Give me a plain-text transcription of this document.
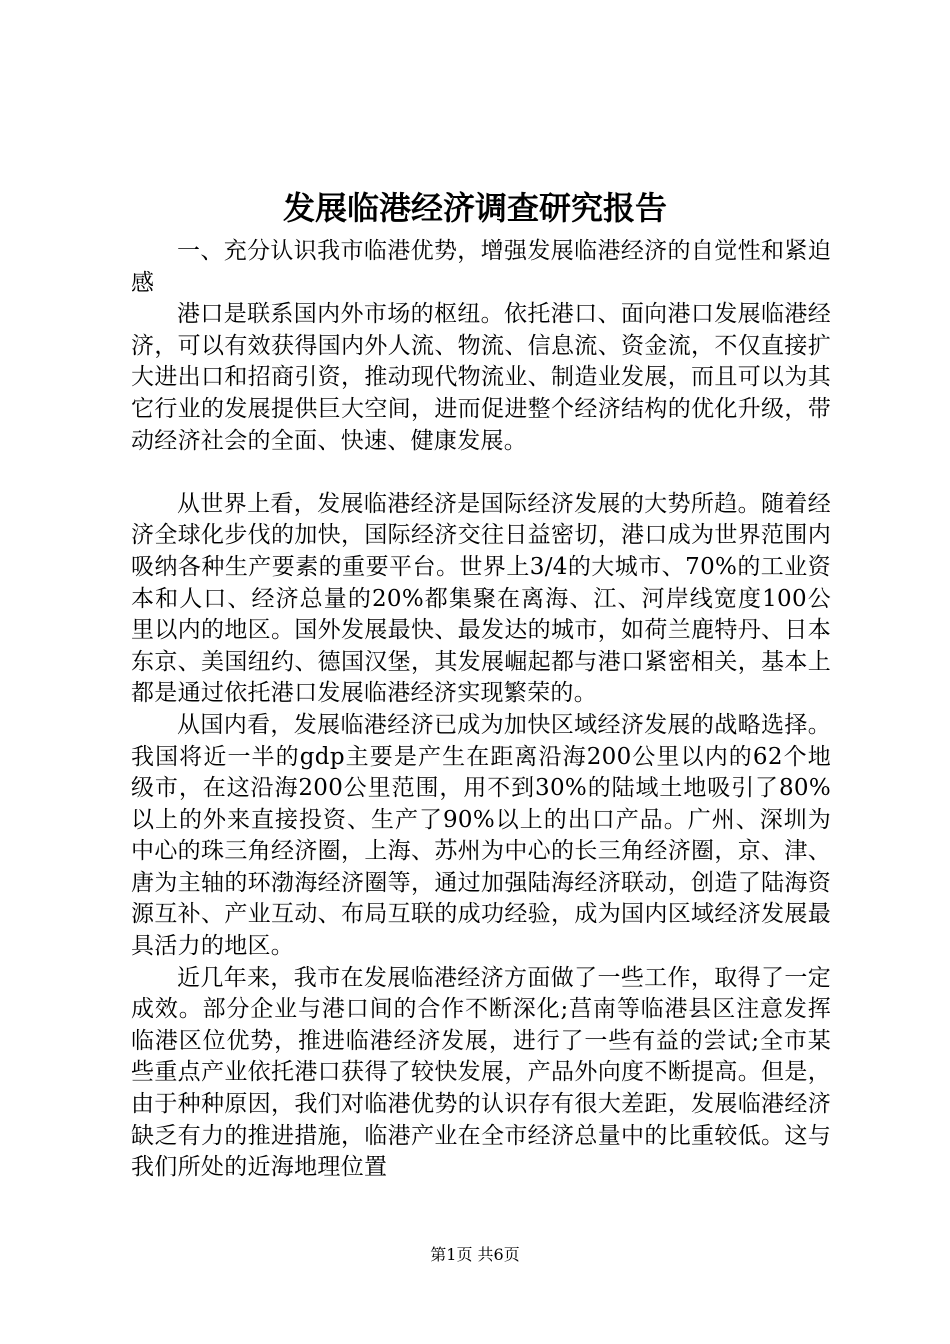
发展临港经济调查研究报告

一、充分认识我市临港优势，增强发展临港经济的自觉性和紧迫感

港口是联系国内外市场的枢纽。依托港口、面向港口发展临港经济，可以有效获得国内外人流、物流、信息流、资金流，不仅直接扩大进出口和招商引资，推动现代物流业、制造业发展，而且可以为其它行业的发展提供巨大空间，进而促进整个经济结构的优化升级，带动经济社会的全面、快速、健康发展。

从世界上看，发展临港经济是国际经济发展的大势所趋。随着经济全球化步伐的加快，国际经济交往日益密切，港口成为世界范围内吸纳各种生产要素的重要平台。世界上3/4的大城市、70%的工业资本和人口、经济总量的20%都集聚在离海、江、河岸线宽度100公里以内的地区。国外发展最快、最发达的城市，如荷兰鹿特丹、日本东京、美国纽约、德国汉堡，其发展崛起都与港口紧密相关，基本上都是通过依托港口发展临港经济实现繁荣的。

从国内看，发展临港经济已成为加快区域经济发展的战略选择。我国将近一半的gdp主要是产生在距离沿海200公里以内的62个地级市，在这沿海200公里范围，用不到30%的陆域土地吸引了80%以上的外来直接投资、生产了90%以上的出口产品。广州、深圳为中心的珠三角经济圈，上海、苏州为中心的长三角经济圈，京、津、唐为主轴的环渤海经济圈等，通过加强陆海经济联动，创造了陆海资源互补、产业互动、布局互联的成功经验，成为国内区域经济发展最具活力的地区。

近几年来，我市在发展临港经济方面做了一些工作，取得了一定成效。部分企业与港口间的合作不断深化;莒南等临港县区注意发挥临港区位优势，推进临港经济发展，进行了一些有益的尝试;全市某些重点产业依托港口获得了较快发展，产品外向度不断提高。但是，由于种种原因，我们对临港优势的认识存有很大差距，发展临港经济缺乏有力的推进措施，临港产业在全市经济总量中的比重较低。这与我们所处的近海地理位置

第1页 共6页
